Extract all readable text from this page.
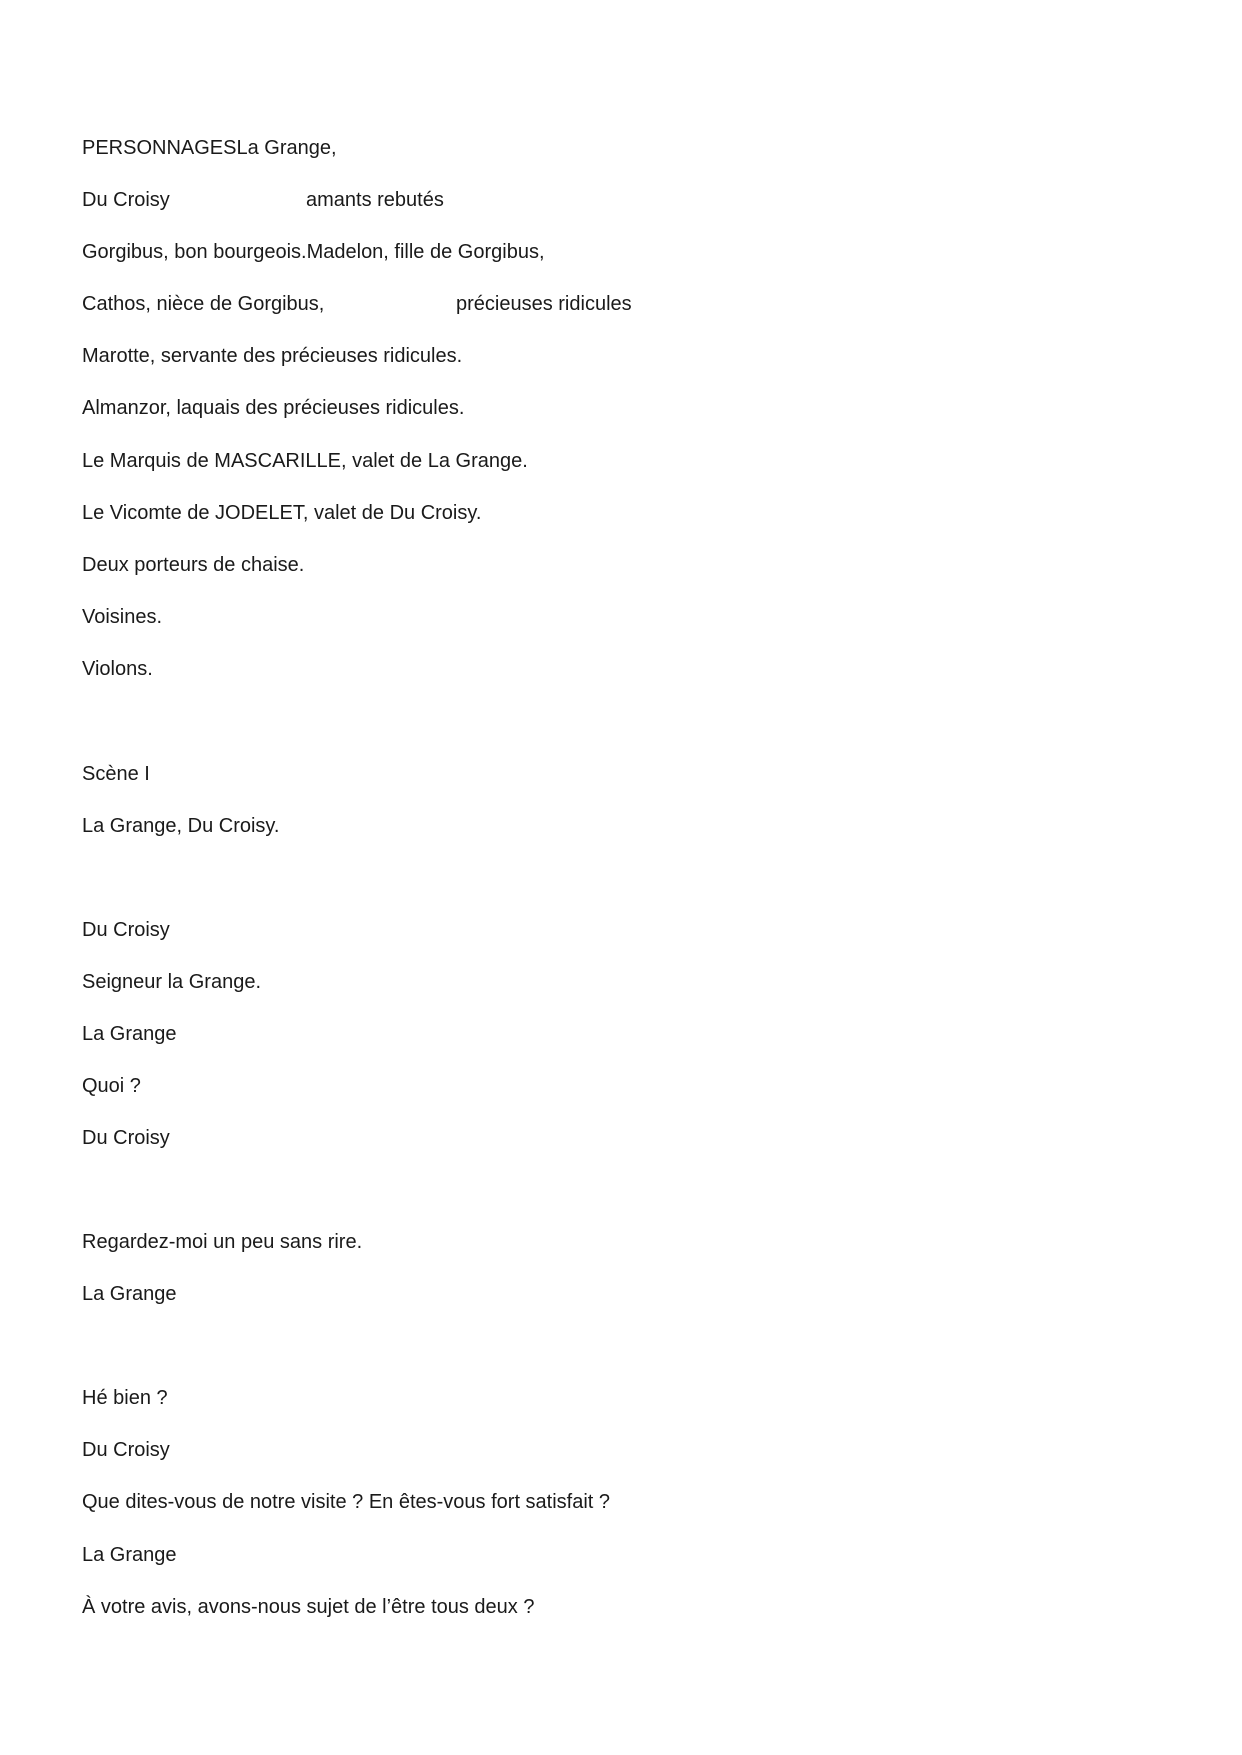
PERSONNAGESLa Grange,
Du Croisy	amants rebutés
Gorgibus, bon bourgeois.Madelon, fille de Gorgibus,
Cathos, nièce de Gorgibus,	précieuses ridicules
Marotte, servante des précieuses ridicules.
Almanzor, laquais des précieuses ridicules.
Le Marquis de MASCARILLE, valet de La Grange.
Le Vicomte de JODELET, valet de Du Croisy.
Deux porteurs de chaise.
Voisines.
Violons.
Scène I
La Grange, Du Croisy.
Du Croisy
Seigneur la Grange.
La Grange
Quoi ?
Du Croisy
Regardez-moi un peu sans rire.
La Grange
Hé bien ?
Du Croisy
Que dites-vous de notre visite ? En êtes-vous fort satisfait ?
La Grange
À votre avis, avons-nous sujet de l’être tous deux ?
